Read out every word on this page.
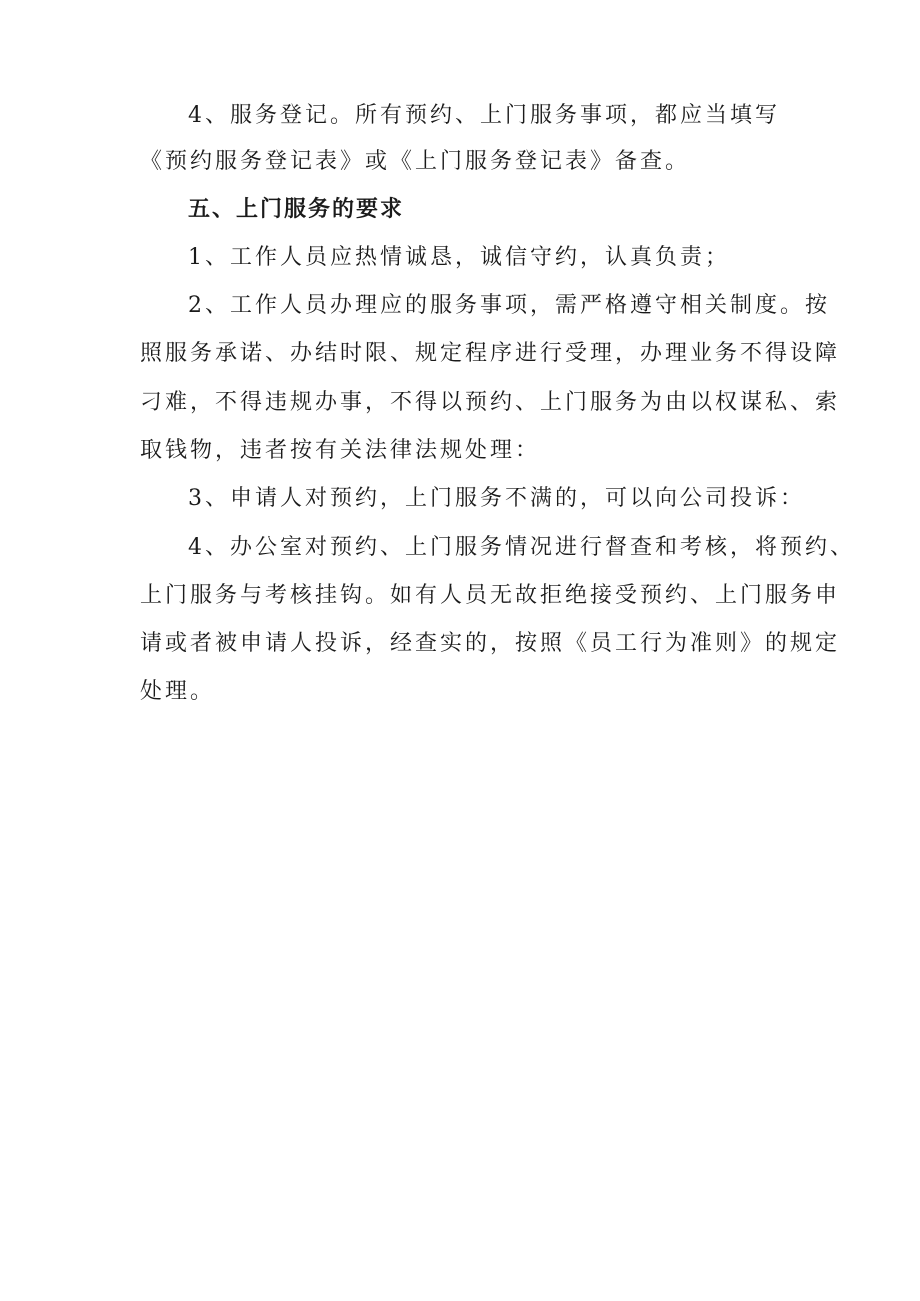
4、服务登记。所有预约、上门服务事项，都应当填写
《预约服务登记表》或《上门服务登记表》备查。
五、上门服务的要求
1、工作人员应热情诚恳，诚信守约，认真负责；
2、工作人员办理应的服务事项，需严格遵守相关制度。按
照服务承诺、办结时限、规定程序进行受理，办理业务不得设障
刁难，不得违规办事，不得以预约、上门服务为由以权谋私、索
取钱物，违者按有关法律法规处理：
3、申请人对预约，上门服务不满的，可以向公司投诉：
4、办公室对预约、上门服务情况进行督查和考核，将预约、
上门服务与考核挂钩。如有人员无故拒绝接受预约、上门服务申
请或者被申请人投诉，经查实的，按照《员工行为准则》的规定
处理。
